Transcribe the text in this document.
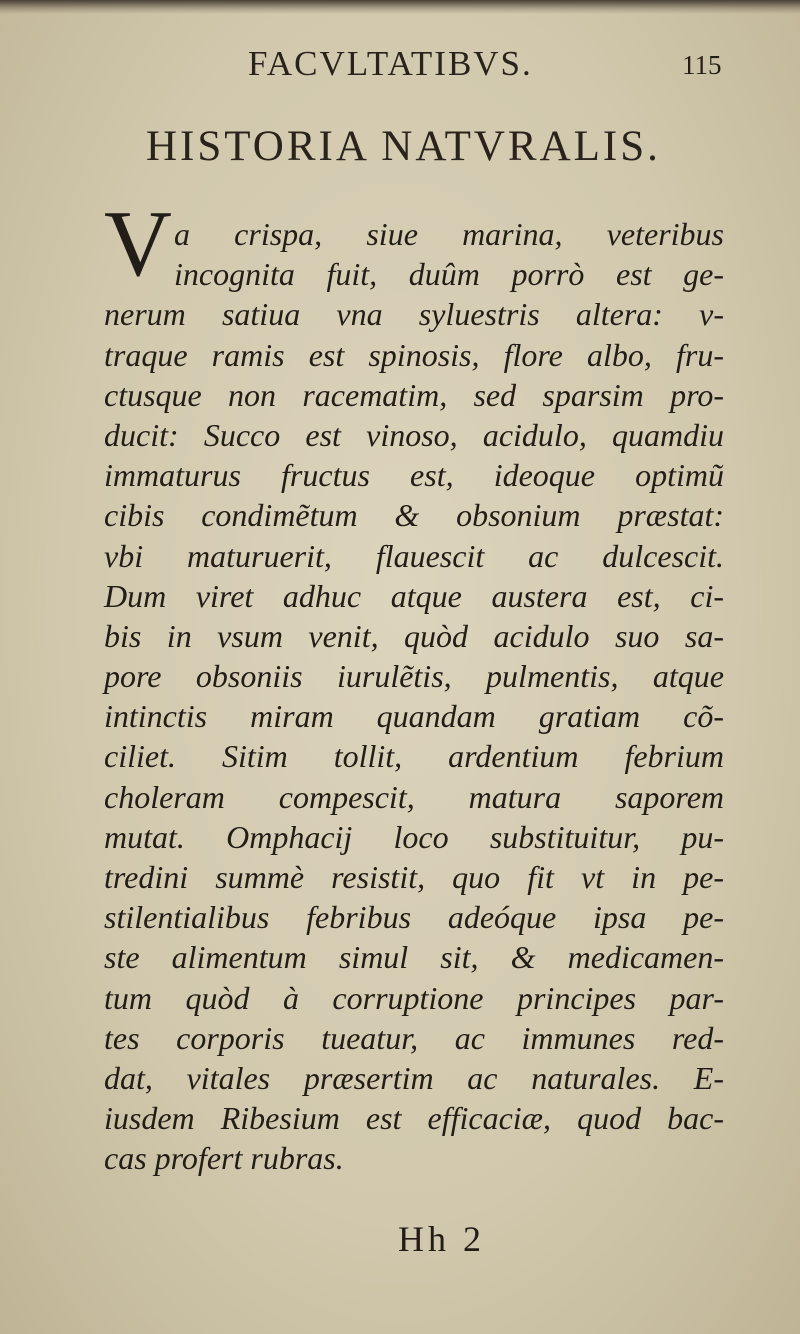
FACVLTATIBVS.	115
HISTORIA NATVRALIS.
V a crispa, siue marina, veteribus
incognita fuit, duûm porrò est ge-
nerum satiua vna syluestris altera: v-
traque ramis est spinosis, flore albo, fru-
ctusque non racematim, sed sparsim pro-
ducit: Succo est vinoso, acidulo, quamdiu
immaturus fructus est, ideoque optimũ
cibis condimẽtum & obsonium præstat:
vbi maturuerit, flauescit ac dulcescit.
Dum viret adhuc atque austera est, ci-
bis in vsum venit, quòd acidulo suo sa-
pore obsoniis iurulẽtis, pulmentis, atque
intinctis miram quandam gratiam cõ-
ciliet. Sitim tollit, ardentium febrium
choleram compescit, matura saporem
mutat. Omphacij loco substituitur, pu-
tredini summè resistit, quo fit vt in pe-
stilentialibus febribus adeóque ipsa pe-
ste alimentum simul sit, & medicamen-
tum quòd à corruptione principes par-
tes corporis tueatur, ac immunes red-
dat, vitales præsertim ac naturales. E-
iusdem Ribesium est efficaciæ, quod bac-
cas profert rubras.
Hh 2
